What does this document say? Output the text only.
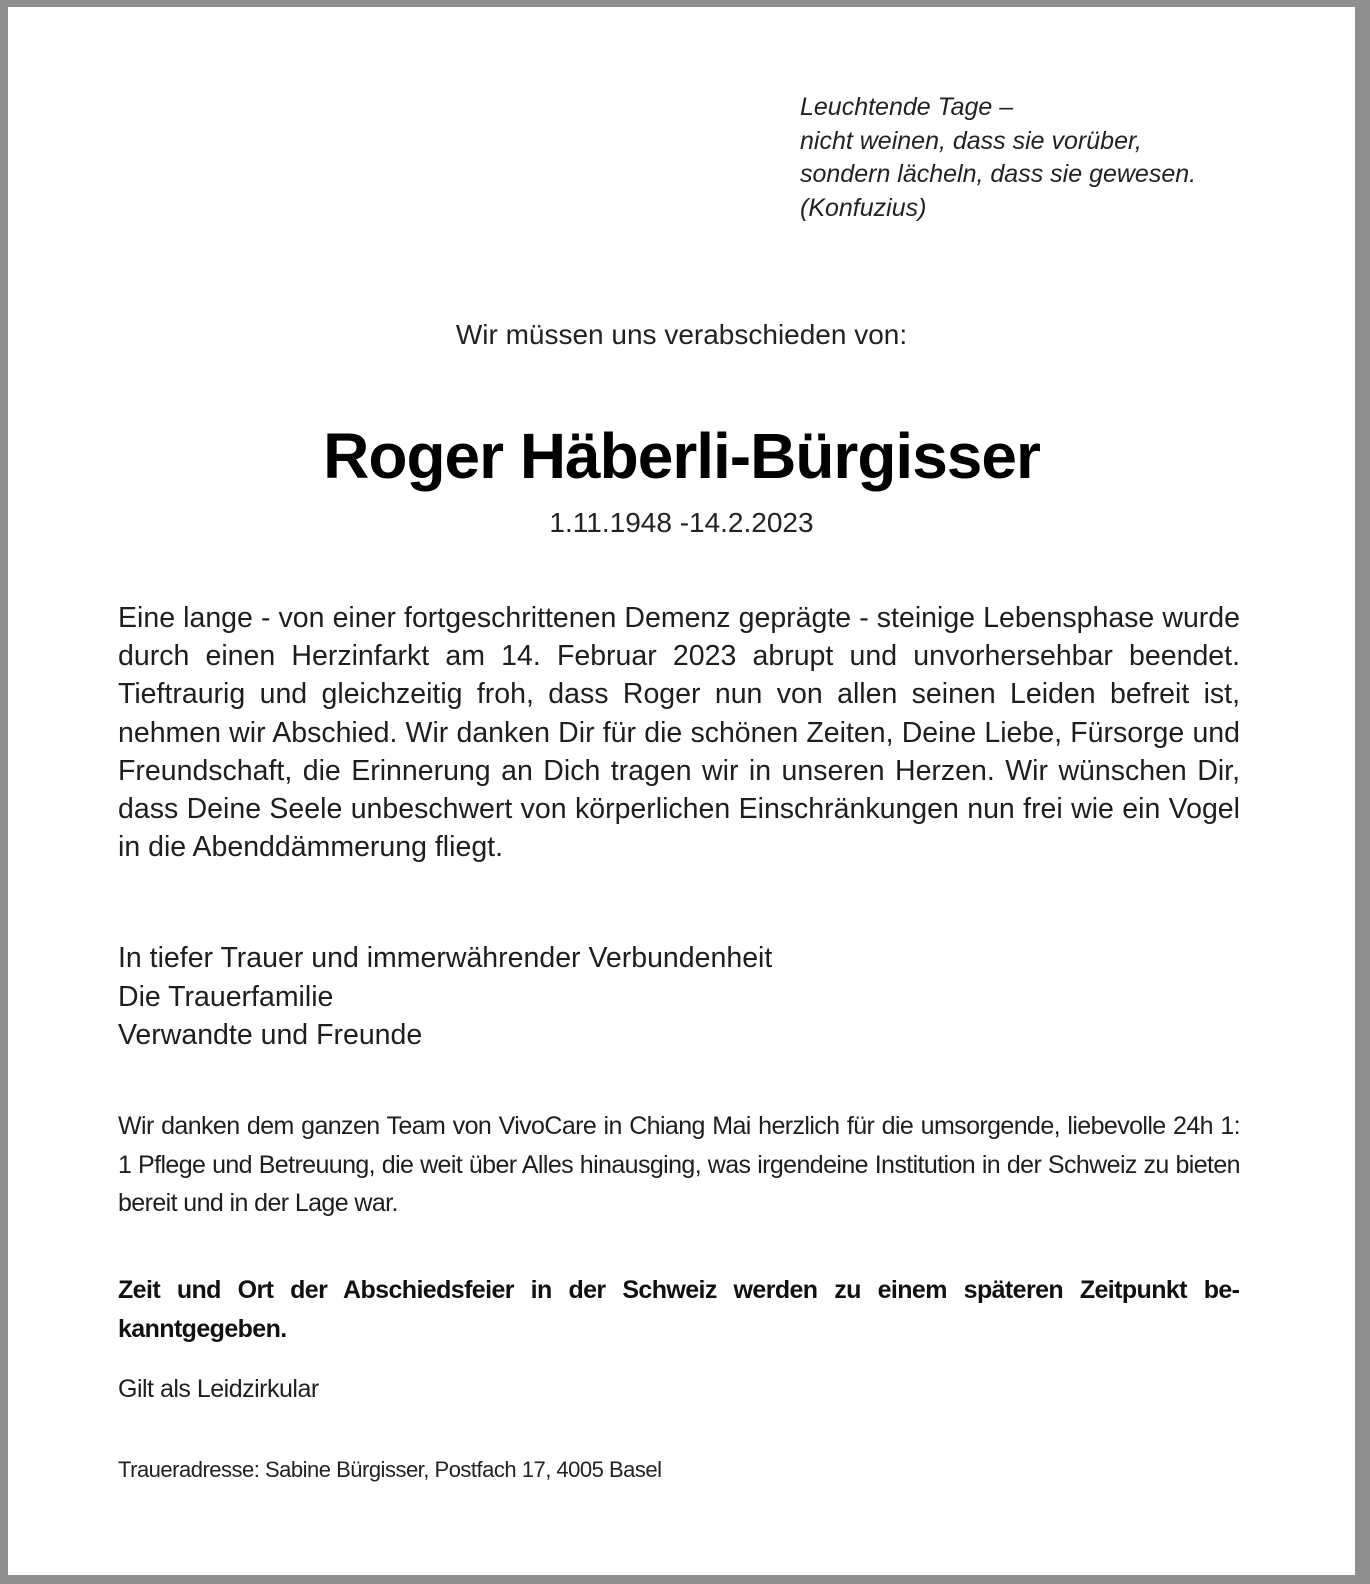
Leuchtende Tage –
nicht weinen, dass sie vorüber,
sondern lächeln, dass sie gewesen.
(Konfuzius)
Wir müssen uns verabschieden von:
Roger Häberli-Bürgisser
1.11.1948 -14.2.2023
Eine lange - von einer fortgeschrittenen Demenz geprägte - steinige Lebensphase wurde durch einen Herzinfarkt am 14. Februar 2023 abrupt und unvorhersehbar beendet. Tieftraurig und gleichzeitig froh, dass Roger nun von allen seinen Leiden befreit ist, nehmen wir Abschied. Wir danken Dir für die schönen Zeiten, Deine Liebe, Fürsorge und Freundschaft, die Erinnerung an Dich tragen wir in unseren Herzen. Wir wünschen Dir, dass Deine Seele unbeschwert von körperlichen Einschränkungen nun frei wie ein Vogel in die Abenddämmerung fliegt.
In tiefer Trauer und immerwährender Verbundenheit
Die Trauerfamilie
Verwandte und Freunde
Wir danken dem ganzen Team von VivoCare in Chiang Mai herzlich für die umsorgende, liebevolle 24h 1: 1 Pflege und Betreuung, die weit über Alles hinausging, was irgendeine Institution in der Schweiz zu bieten bereit und in der Lage war.
Zeit und Ort der Abschiedsfeier in der Schweiz werden zu einem späteren Zeitpunkt bekanntgegeben.
Gilt als Leidzirkular
Traueradresse: Sabine Bürgisser, Postfach 17, 4005 Basel
